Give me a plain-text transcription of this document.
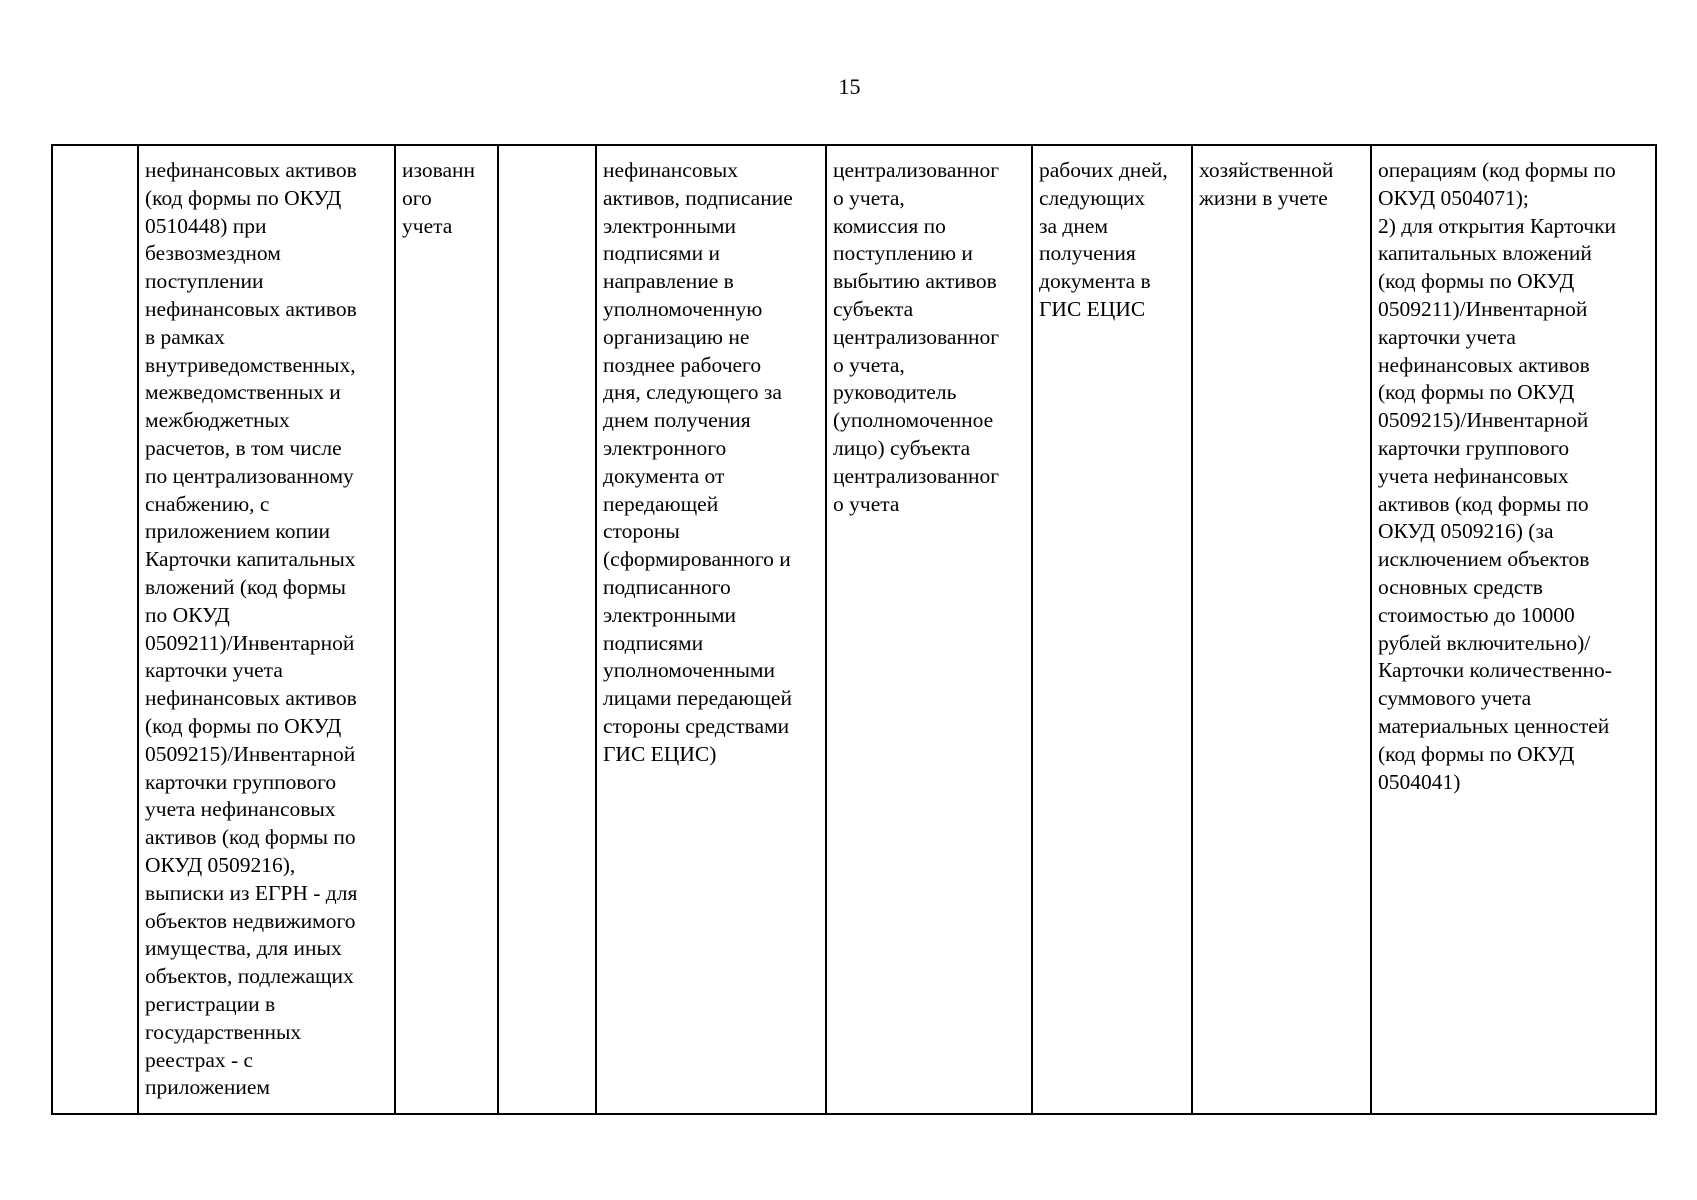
15
	нефинансовых активов
(код формы по ОКУД
0510448) при
безвозмездном
поступлении
нефинансовых активов
в рамках
внутриведомственных,
межведомственных и
межбюджетных
расчетов, в том числе
по централизованному
снабжению, с
приложением копии
Карточки капитальных
вложений (код формы
по ОКУД
0509211)/Инвентарной
карточки учета
нефинансовых активов
(код формы по ОКУД
0509215)/Инвентарной
карточки группового
учета нефинансовых
активов (код формы по
ОКУД 0509216),
выписки из ЕГРН - для
объектов недвижимого
имущества, для иных
объектов, подлежащих
регистрации в
государственных
реестрах - с
приложением	изованн
ого
учета		нефинансовых
активов, подписание
электронными
подписями и
направление в
уполномоченную
организацию не
позднее рабочего
дня, следующего за
днем получения
электронного
документа от
передающей
стороны
(сформированного и
подписанного
электронными
подписями
уполномоченными
лицами передающей
стороны средствами
ГИС ЕЦИС)	централизованног
о учета,
комиссия по
поступлению и
выбытию активов
субъекта
централизованног
о учета,
руководитель
(уполномоченное
лицо) субъекта
централизованног
о учета	рабочих дней,
следующих
за днем
получения
документа в
ГИС ЕЦИС	хозяйственной
жизни в учете	операциям (код формы по
ОКУД 0504071);
2) для открытия Карточки
капитальных вложений
(код формы по ОКУД
0509211)/Инвентарной
карточки учета
нефинансовых активов
(код формы по ОКУД
0509215)/Инвентарной
карточки группового
учета нефинансовых
активов (код формы по
ОКУД 0509216) (за
исключением объектов
основных средств
стоимостью до 10000
рублей включительно)/
Карточки количественно-
суммового учета
материальных ценностей
(код формы по ОКУД
0504041)
